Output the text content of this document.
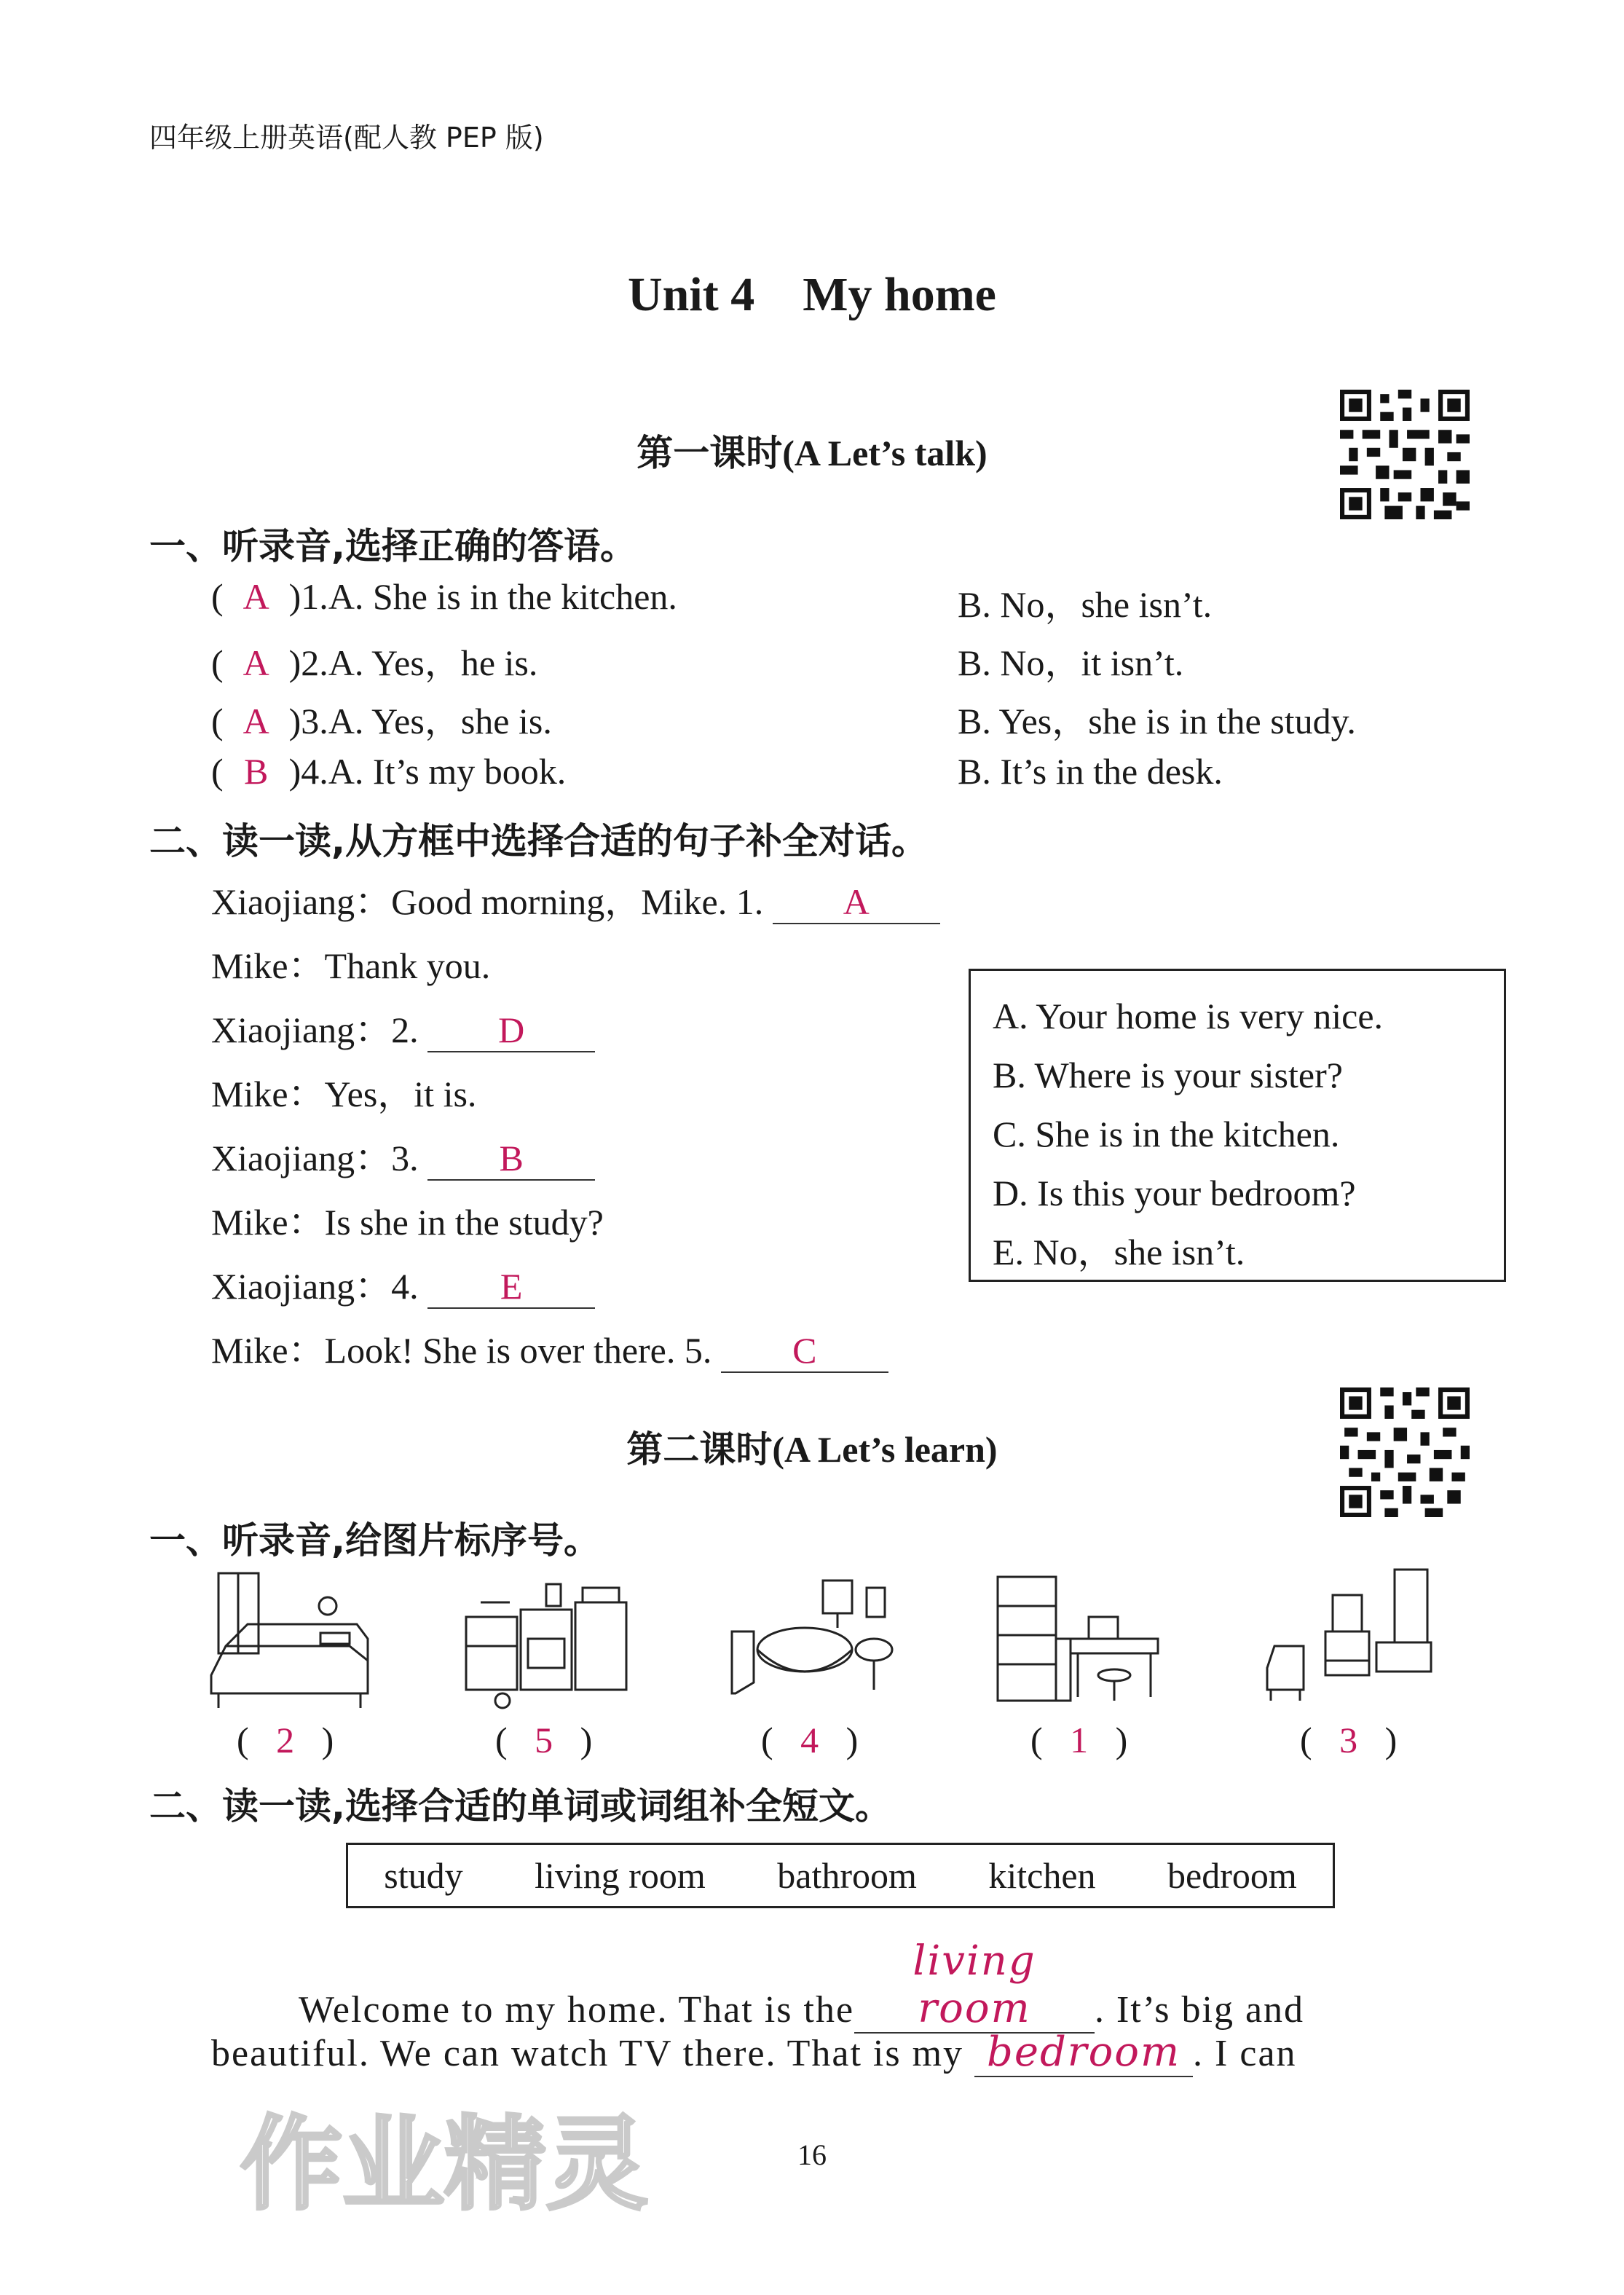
四年级上册英语(配人教 PEP 版)
Unit 4　My home
第一课时(A Let’s talk)
一、听录音,选择正确的答语。
( A )1.A. She is in the kitchen.	B. No，she isn’t.
( A )2.A. Yes，he is.	B. No，it isn’t.
( A )3.A. Yes，she is.	B. Yes，she is in the study.
( B )4.A. It’s my book.	B. It’s in the desk.
二、读一读,从方框中选择合适的句子补全对话。
Xiaojiang：Good morning，Mike. 1. A
Mike：Thank you.
Xiaojiang：2. D
Mike：Yes，it is.
Xiaojiang：3. B
Mike：Is she in the study?
Xiaojiang：4. E
Mike：Look! She is over there. 5. C
A. Your home is very nice.
B. Where is your sister?
C. She is in the kitchen.
D. Is this your bedroom?
E. No，she isn’t.
第二课时(A Let’s learn)
一、听录音,给图片标序号。
( 2 )	( 5 )	( 4 )	( 1 )	( 3 )
二、读一读,选择合适的单词或词组补全短文。
study living room bathroom kitchen bedroom
Welcome to my home. That is theliving room . It’s big and
beautiful. We can watch TV there. That is my bedroom . I can
作业精灵	16
